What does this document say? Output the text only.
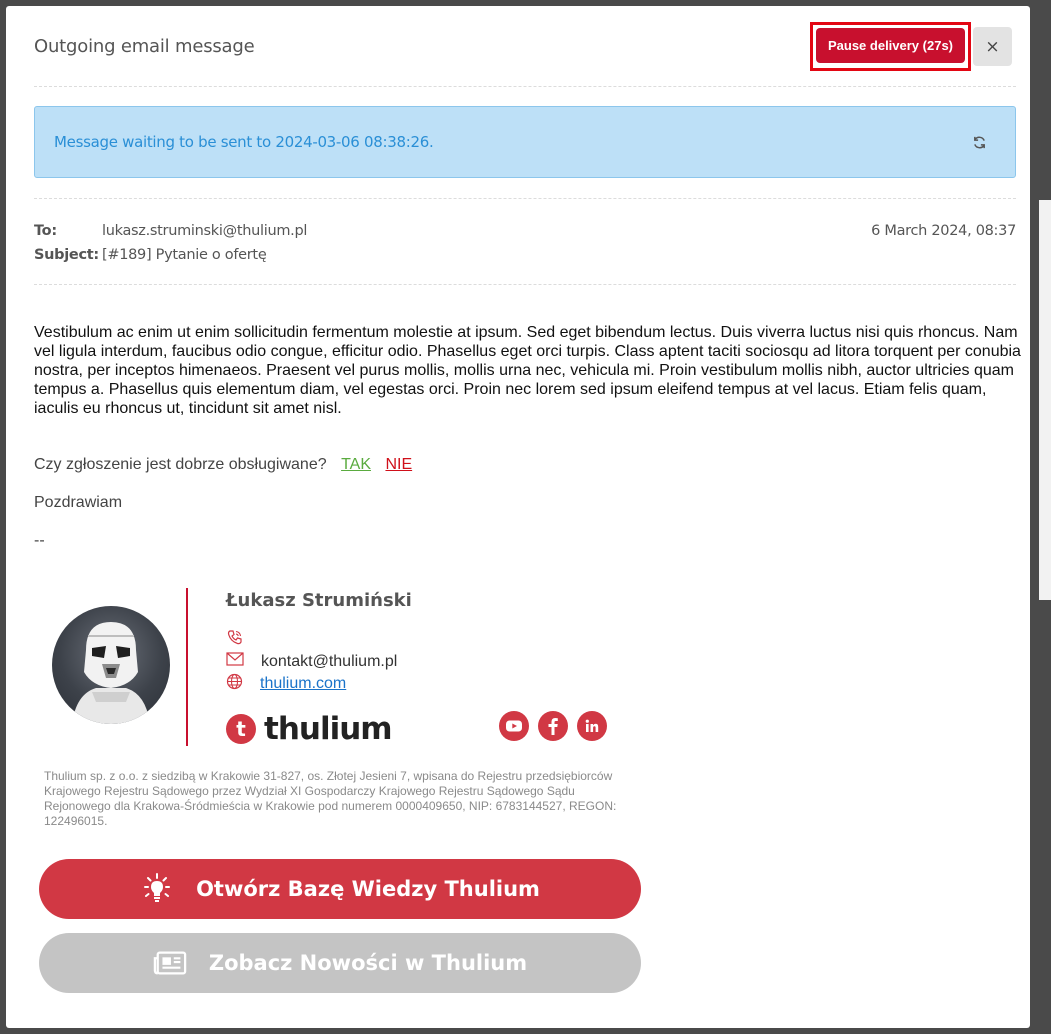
Outgoing email message	Pause delivery (27s)	×
Message waiting to be sent to 2024-03-06 08:38:26.
To:	lukasz.struminski@thulium.pl	6 March 2024, 08:37
Subject: [#189] Pytanie o ofertę
Vestibulum ac enim ut enim sollicitudin fermentum molestie at ipsum. Sed eget bibendum lectus. Duis viverra luctus nisi quis rhoncus. Nam vel ligula interdum, faucibus odio congue, efficitur odio. Phasellus eget orci turpis. Class aptent taciti sociosqu ad litora torquent per conubia nostra, per inceptos himenaeos. Praesent vel purus mollis, mollis urna nec, vehicula mi. Proin vestibulum mollis nibh, auctor ultricies quam tempus a. Phasellus quis elementum diam, vel egestas orci. Proin nec lorem sed ipsum eleifend tempus at vel lacus. Etiam felis quam, iaculis eu rhoncus ut, tincidunt sit amet nisl.
Czy zgłoszenie jest dobrze obsługiwane? TAK NIE
Pozdrawiam
--
Łukasz Strumiński
kontakt@thulium.pl
thulium.com
t thulium
Thulium sp. z o.o. z siedzibą w Krakowie 31-827, os. Złotej Jesieni 7, wpisana do Rejestru przedsiębiorców Krajowego Rejestru Sądowego przez Wydział XI Gospodarczy Krajowego Rejestru Sądowego Sądu Rejonowego dla Krakowa-Śródmieścia w Krakowie pod numerem 0000409650, NIP: 6783144527, REGON: 122496015.
Otwórz Bazę Wiedzy Thulium
Zobacz Nowości w Thulium
